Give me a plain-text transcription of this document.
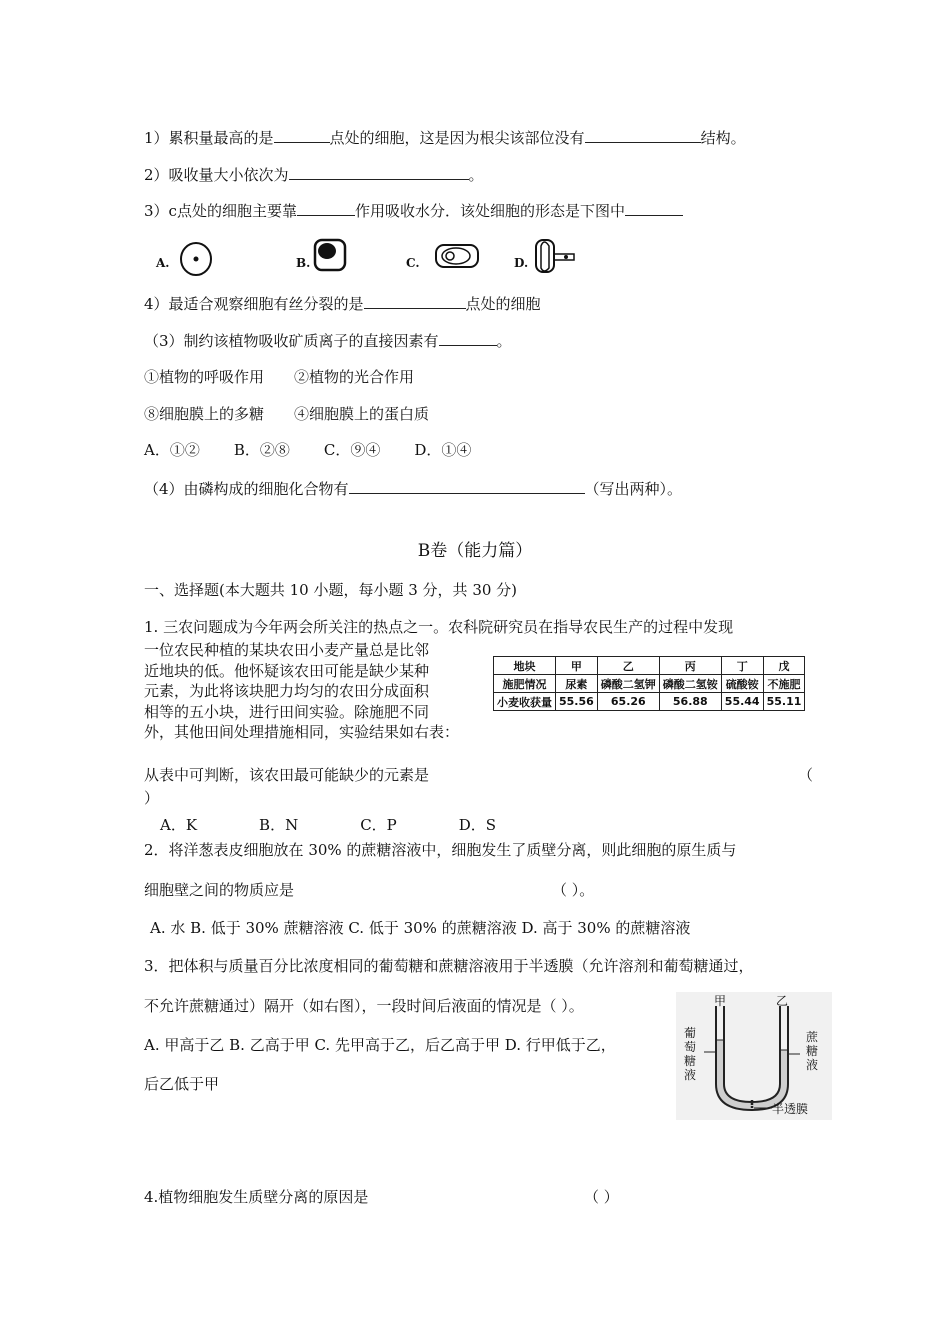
1）累积量最高的是	点处的细胞，这是因为根尖该部位没有	结构。
2）吸收量大小依次为	。
3）c点处的细胞主要靠	作用吸收水分．该处细胞的形态是下图中
A.	B.	C.	D.
4）最适合观察细胞有丝分裂的是	点处的细胞
（3）制约该植物吸收矿质离子的直接因素有	。
①植物的呼吸作用 ②植物的光合作用
⑧细胞膜上的多糖 ④细胞膜上的蛋白质
A．①② B．②⑧ C．⑨④ D．①④
（4）由磷构成的细胞化合物有	（写出两种）。
B卷（能力篇）
一、选择题(本大题共 10 小题，每小题 3 分，共 30 分)
1. 三农问题成为今年两会所关注的热点之一。农科院研究员在指导农民生产的过程中发现
一位农民种植的某块农田小麦产量总是比邻
近地块的低。他怀疑该农田可能是缺少某种
元素，为此将该块肥力均匀的农田分成面积
相等的五小块，进行田间实验。除施肥不同
外，其他田间处理措施相同，实验结果如右表：
从表中可判断，该农田最可能缺少的元素是	（
）
地块	甲	乙	丙	丁	戊
施肥情况	尿素	磷酸二氢钾	磷酸二氢铵	硫酸铵	不施肥
小麦收获量	55.56	65.26	56.88	55.44	55.11
A．K	B．N	C．P	D．S
2．将洋葱表皮细胞放在 30% 的蔗糖溶液中，细胞发生了质壁分离，则此细胞的原生质与
细胞壁之间的物质应是	（ ）。
A. 水 B. 低于 30% 蔗糖溶液 C. 低于 30% 的蔗糖溶液 D. 高于 30% 的蔗糖溶液
3．把体积与质量百分比浓度相同的葡萄糖和蔗糖溶液用于半透膜（允许溶剂和葡萄糖通过，
不允许蔗糖通过）隔开（如右图），一段时间后液面的情况是（ ）。
A. 甲高于乙 B. 乙高于甲 C. 先甲高于乙，后乙高于甲 D. 行甲低于乙，
后乙低于甲
甲	乙
葡萄糖液
蔗糖液
半透膜
4.植物细胞发生质壁分离的原因是	（ ）
